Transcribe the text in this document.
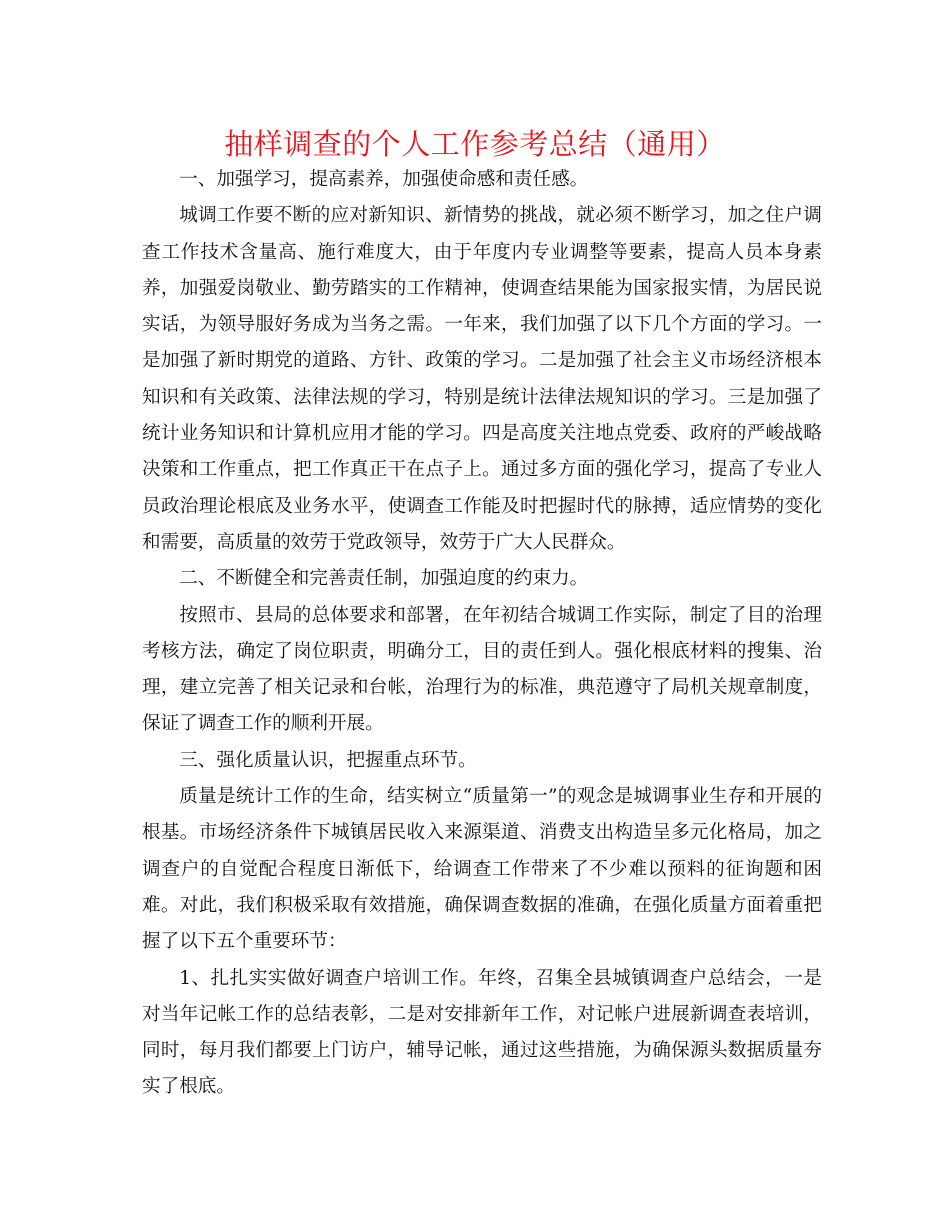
抽样调查的个人工作参考总结（通用）

一、加强学习，提高素养，加强使命感和责任感。

城调工作要不断的应对新知识、新情势的挑战，就必须不断学习，加之住户调查工作技术含量高、施行难度大，由于年度内专业调整等要素，提高人员本身素养，加强爱岗敬业、勤劳踏实的工作精神，使调查结果能为国家报实情，为居民说实话，为领导服好务成为当务之需。一年来，我们加强了以下几个方面的学习。一是加强了新时期党的道路、方针、政策的学习。二是加强了社会主义市场经济根本知识和有关政策、法律法规的学习，特别是统计法律法规知识的学习。三是加强了统计业务知识和计算机应用才能的学习。四是高度关注地点党委、政府的严峻战略决策和工作重点，把工作真正干在点子上。通过多方面的强化学习，提高了专业人员政治理论根底及业务水平，使调查工作能及时把握时代的脉搏，适应情势的变化和需要，高质量的效劳于党政领导，效劳于广大人民群众。

二、不断健全和完善责任制，加强迫度的约束力。

按照市、县局的总体要求和部署，在年初结合城调工作实际，制定了目的治理考核方法，确定了岗位职责，明确分工，目的责任到人。强化根底材料的搜集、治理，建立完善了相关记录和台帐，治理行为的标准，典范遵守了局机关规章制度，保证了调查工作的顺利开展。

三、强化质量认识，把握重点环节。

质量是统计工作的生命，结实树立“质量第一”的观念是城调事业生存和开展的根基。市场经济条件下城镇居民收入来源渠道、消费支出构造呈多元化格局，加之调查户的自觉配合程度日渐低下，给调查工作带来了不少难以预料的征询题和困难。对此，我们积极采取有效措施，确保调查数据的准确，在强化质量方面着重把握了以下五个重要环节：

1、扎扎实实做好调查户培训工作。年终，召集全县城镇调查户总结会，一是对当年记帐工作的总结表彰，二是对安排新年工作，对记帐户进展新调查表培训，同时，每月我们都要上门访户，辅导记帐，通过这些措施，为确保源头数据质量夯实了根底。
